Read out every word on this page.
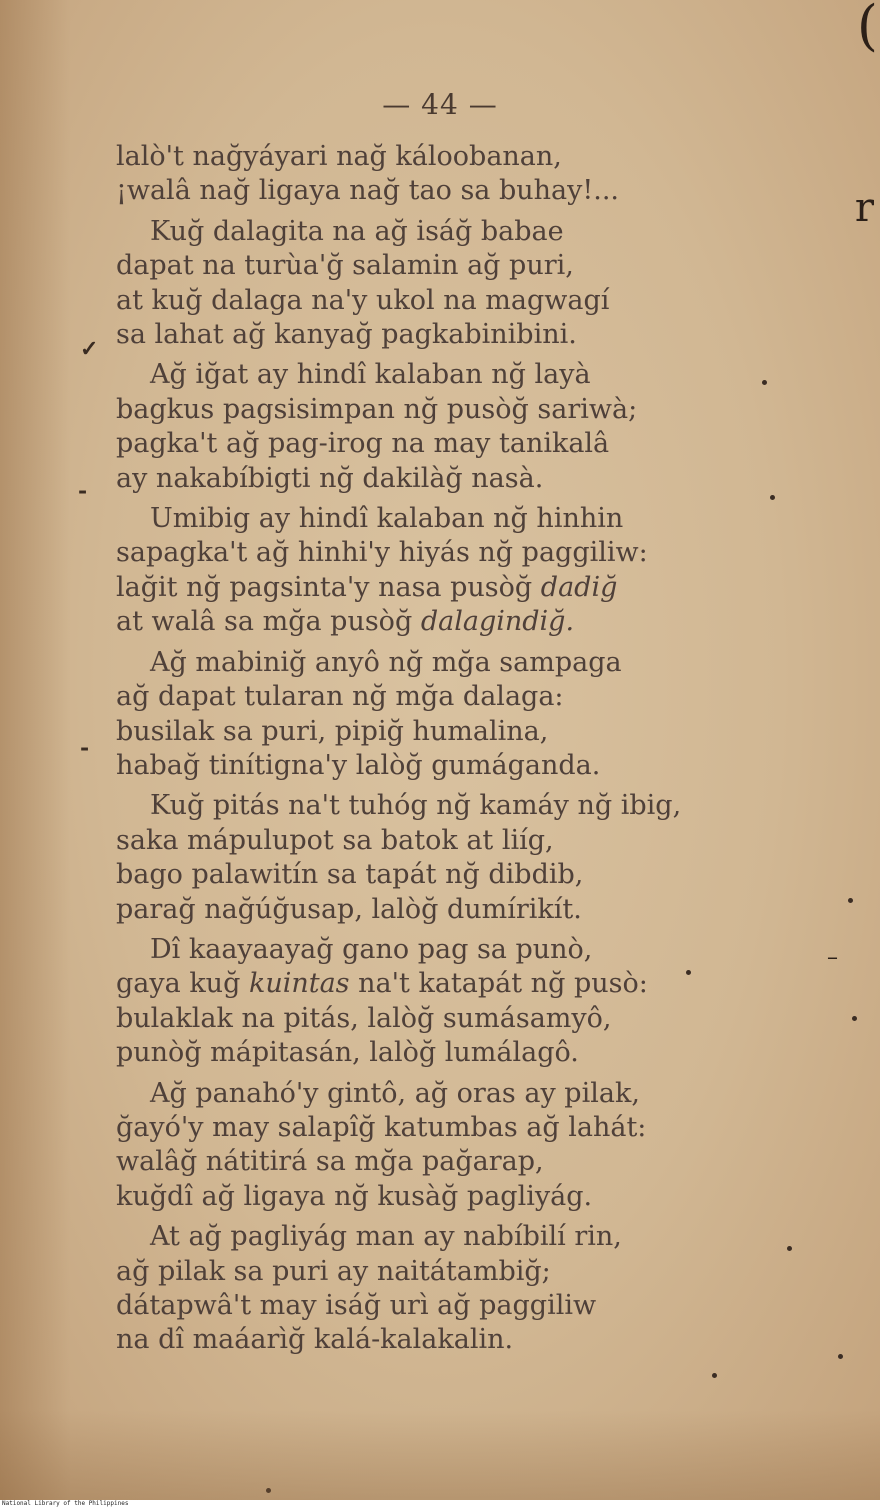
(
r
–
— 44 —
lalò't nağyáyari nağ káloobanan,
¡walâ nağ ligaya nağ tao sa buhay!...
Kuğ dalagita na ağ isáğ babae
dapat na turùa'ğ salamin ağ puri,
at kuğ dalaga na'y ukol na magwagí
sa lahat ağ kanyağ pagkabinibini.
Ağ iğat ay hindî kalaban nğ layà
bagkus pagsisimpan nğ pusòğ sariwà;
pagka't ağ pag-irog na may tanikalâ
ay nakabíbigti nğ dakilàğ nasà.
Umibig ay hindî kalaban nğ hinhin
sapagka't ağ hinhi'y hiyás nğ paggiliw:
lağit nğ pagsinta'y nasa pusòğ dadiğ
at walâ sa mğa pusòğ dalagindiğ.
Ağ mabiniğ anyô nğ mğa sampaga
ağ dapat tularan nğ mğa dalaga:
busilak sa puri, pipiğ humalina,
habağ tinítigna'y lalòğ gumáganda.
Kuğ pitás na't tuhóg nğ kamáy nğ ibig,
saka mápulupot sa batok at liíg,
bago palawitín sa tapát nğ dibdib,
parağ nağúğusap, lalòğ dumírikít.
Dî kaayaayağ gano pag sa punò,
gaya kuğ kuintas na't katapát nğ pusò:
bulaklak na pitás, lalòğ sumásamyô,
punòğ mápitasán, lalòğ lumálagô.
Ağ panahó'y gintô, ağ oras ay pilak,
ğayó'y may salapîğ katumbas ağ lahát:
walâğ nátitirá sa mğa pağarap,
kuğdî ağ ligaya nğ kusàğ pagliyág.
At ağ pagliyág man ay nabíbilí rin,
ağ pilak sa puri ay naitátambiğ;
dátapwâ't may isáğ urì ağ paggiliw
na dî maáarìğ kalá-kalakalin.
✓
‑
‑
National Library of the Philippines
